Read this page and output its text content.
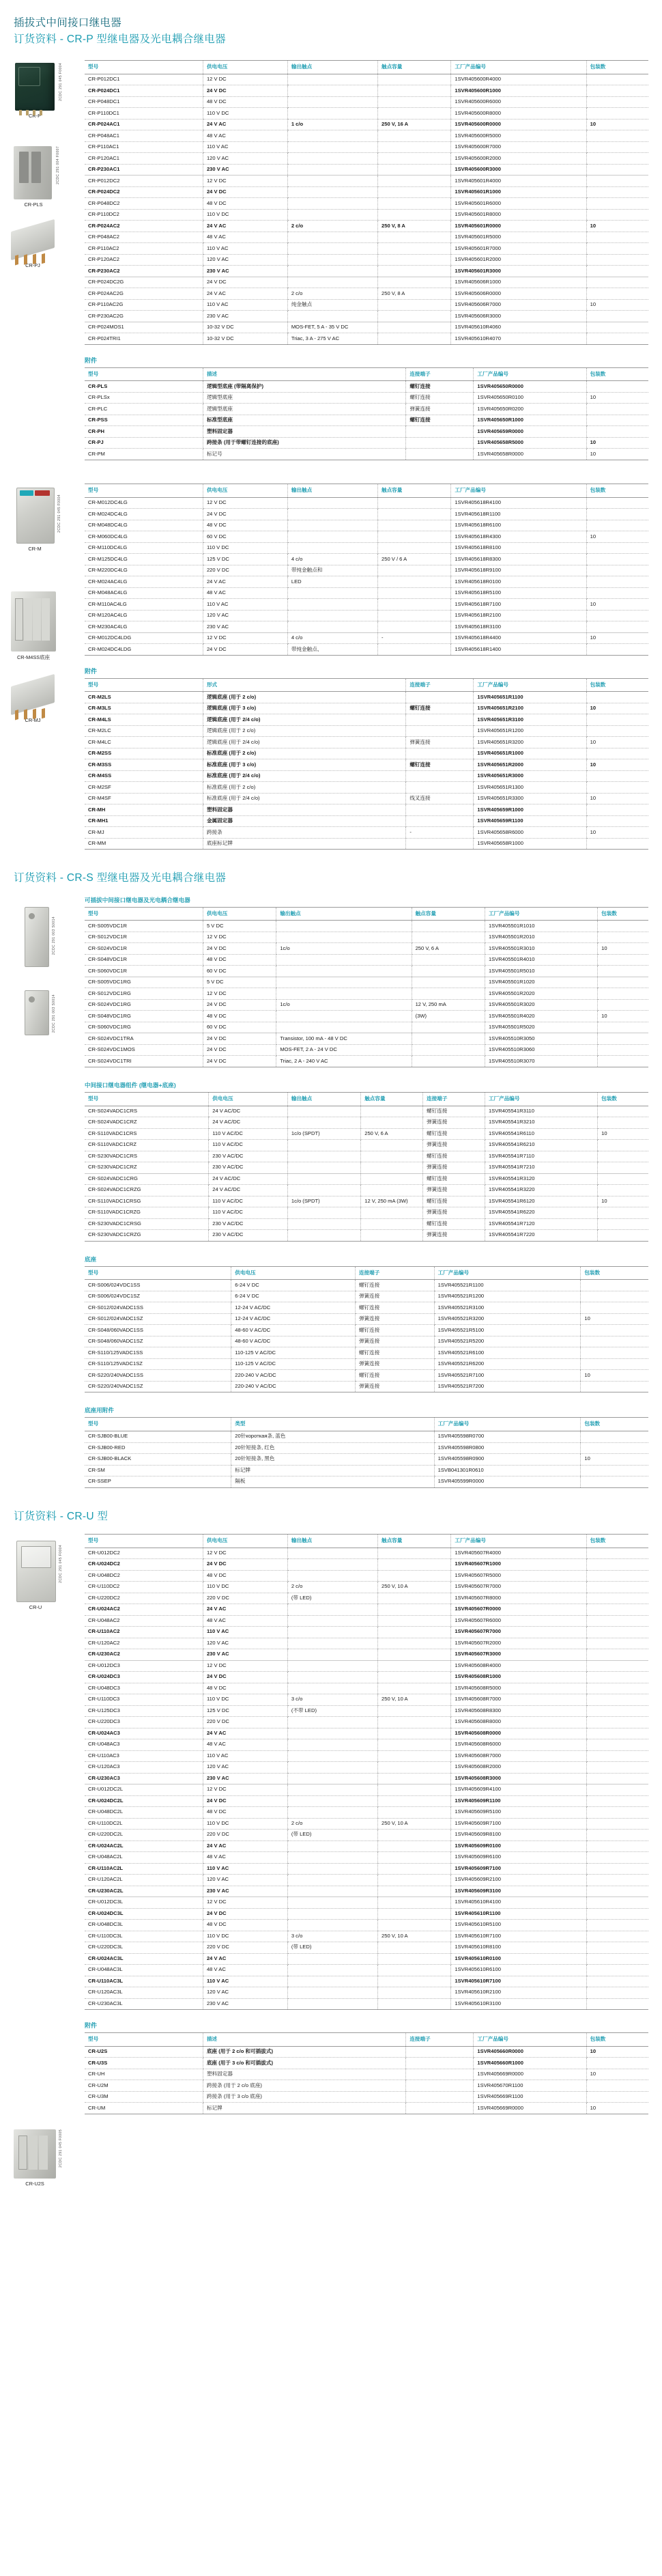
插拔式中间接口继电器
订货资料 - CR-P 型继电器及光电耦合继电器
2CDC 291 045 F0004
CR-P
2CDC 291 004 F0007
CR-PLS
CR-PJ
型号	供电电压	输出触点	触点容量	工厂产品编号	包装数
CR-P012DC1	12 V DC			1SVR405600R4000	
CR-P024DC1	24 V DC			1SVR405600R1000	
CR-P048DC1	48 V DC			1SVR405600R6000	
CR-P110DC1	110 V DC			1SVR405600R8000	
CR-P024AC1	24 V AC	1 c/o	250 V, 16 A	1SVR405600R0000	10
CR-P048AC1	48 V AC			1SVR405600R5000	
CR-P110AC1	110 V AC			1SVR405600R7000	
CR-P120AC1	120 V AC			1SVR405600R2000	
CR-P230AC1	230 V AC			1SVR405600R3000	
CR-P012DC2	12 V DC			1SVR405601R4000	
CR-P024DC2	24 V DC			1SVR405601R1000	
CR-P048DC2	48 V DC			1SVR405601R6000	
CR-P110DC2	110 V DC			1SVR405601R8000	
CR-P024AC2	24 V AC	2 c/o	250 V, 8 A	1SVR405601R0000	10
CR-P048AC2	48 V AC			1SVR405601R5000	
CR-P110AC2	110 V AC			1SVR405601R7000	
CR-P120AC2	120 V AC			1SVR405601R2000	
CR-P230AC2	230 V AC			1SVR405601R3000	
CR-P024DC2G	24 V DC			1SVR405606R1000	
CR-P024AC2G	24 V AC	2 c/o	250 V, 8 A	1SVR405606R0000	
CR-P110AC2G	110 V AC	纯金触点		1SVR405606R7000	10
CR-P230AC2G	230 V AC			1SVR405606R3000	
CR-P024MOS1	10-32 V DC	MOS-FET, 5 A - 35 V DC		1SVR405610R4060	
CR-P024TRI1	10-32 V DC	Triac, 3 A - 275 V AC		1SVR405610R4070	
附件
型号	描述	连接端子	工厂产品编号	包装数
CR-PLS	逻辑型底座 (带隔离保护)	螺钉连接	1SVR405650R0000	
CR-PLSx	逻辑型底座	螺钉连接	1SVR405650R0100	10
CR-PLC	逻辑型底座	弹簧连接	1SVR405650R0200	
CR-PSS	标准型底座	螺钉连接	1SVR405650R1000	
CR-PH	塑料固定器		1SVR405659R0000	
CR-PJ	跨接条 (用于带螺钉连接的底座)		1SVR405658R5000	10
CR-PM	标记号		1SVR405658R0000	10
2CDC 291 045 F0004
CR-M
CR-M4SS底座
CR-MJ
型号	供电电压	输出触点	触点容量	工厂产品编号	包装数
CR-M012DC4LG	12 V DC			1SVR405618R4100	
CR-M024DC4LG	24 V DC			1SVR405618R1100	
CR-M048DC4LG	48 V DC			1SVR405618R6100	
CR-M060DC4LG	60 V DC			1SVR405618R4300	10
CR-M110DC4LG	110 V DC			1SVR405618R8100	
CR-M125DC4LG	125 V DC	4 c/o	250 V / 6 A	1SVR405618R8300	
CR-M220DC4LG	220 V DC	带纯金触点和		1SVR405618R9100	
CR-M024AC4LG	24 V AC	LED		1SVR405618R0100	
CR-M048AC4LG	48 V AC			1SVR405618R5100	
CR-M110AC4LG	110 V AC			1SVR405618R7100	10
CR-M120AC4LG	120 V AC			1SVR405618R2100	
CR-M230AC4LG	230 V AC			1SVR405618R3100	
CR-M012DC4LDG	12 V DC	4 c/o	-	1SVR405618R4400	10
CR-M024DC4LDG	24 V DC	带纯金触点、		1SVR405618R1400	
附件
型号	形式	连接端子	工厂产品编号	包装数
CR-M2LS	逻辑底座 (用于 2 c/o)		1SVR405651R1100	
CR-M3LS	逻辑底座 (用于 3 c/o)	螺钉连接	1SVR405651R2100	10
CR-M4LS	逻辑底座 (用于 2/4 c/o)		1SVR405651R3100	
CR-M2LC	逻辑底座 (用于 2 c/o)		1SVR405651R1200	
CR-M4LC	逻辑底座 (用于 2/4 c/o)	弹簧连接	1SVR405651R3200	10
CR-M2SS	标准底座 (用于 2 c/o)		1SVR405651R1000	
CR-M3SS	标准底座 (用于 3 c/o)	螺钉连接	1SVR405651R2000	10
CR-M4SS	标准底座 (用于 2/4 c/o)		1SVR405651R3000	
CR-M2SF	标准底座 (用于 2 c/o)		1SVR405651R1300	
CR-M4SF	标准底座 (用于 2/4 c/o)	线叉连接	1SVR405651R3300	10
CR-MH	塑料固定器		1SVR405659R1000	
CR-MH1	金属固定器		1SVR405659R1100	
CR-MJ	跨接条	-	1SVR405658R6000	10
CR-MM	底座标记牌		1SVR405658R1000	
订货资料 - CR-S 型继电器及光电耦合继电器
2CDC 291 003 S0014
2CDC 291 003 S0014
可插拔中间接口继电器及光电耦合继电器
型号	供电电压	输出触点	触点容量	工厂产品编号	包装数
CR-S005VDC1R	5 V DC			1SVR405501R1010	
CR-S012VDC1R	12 V DC			1SVR405501R2010	
CR-S024VDC1R	24 V DC	1c/o	250 V, 6 A	1SVR405501R3010	10
CR-S048VDC1R	48 V DC			1SVR405501R4010	
CR-S060VDC1R	60 V DC			1SVR405501R5010	
CR-S005VDC1RG	5 V DC			1SVR405501R1020	
CR-S012VDC1RG	12 V DC			1SVR405501R2020	
CR-S024VDC1RG	24 V DC	1c/o	12 V, 250 mA	1SVR405501R3020	
CR-S048VDC1RG	48 V DC		(3W)	1SVR405501R4020	10
CR-S060VDC1RG	60 V DC			1SVR405501R5020	
CR-S024VDC1TRA	24 V DC	Transistor, 100 mA - 48 V DC		1SVR405510R3050	
CR-S024VDC1MOS	24 V DC	MOS-FET, 2 A - 24 V DC		1SVR405510R3060	
CR-S024VDC1TRI	24 V DC	Triac, 2 A - 240 V AC		1SVR405510R3070	
中间接口继电器组件 (继电器+底座)
型号	供电电压	输出触点	触点容量	连接端子	工厂产品编号	包装数
CR-S024VADC1CRS	24 V AC/DC			螺钉连接	1SVR405541R3110	
CR-S024VADC1CRZ	24 V AC/DC			弹簧连接	1SVR405541R3210	
CR-S110VADC1CRS	110 V AC/DC	1c/o (SPDT)	250 V, 6 A	螺钉连接	1SVR405541R6110	10
CR-S110VADC1CRZ	110 V AC/DC			弹簧连接	1SVR405541R6210	
CR-S230VADC1CRS	230 V AC/DC			螺钉连接	1SVR405541R7110	
CR-S230VADC1CRZ	230 V AC/DC			弹簧连接	1SVR405541R7210	
CR-S024VADC1CRG	24 V AC/DC			螺钉连接	1SVR405541R3120	
CR-S024VADC1CRZG	24 V AC/DC			弹簧连接	1SVR405541R3220	
CR-S110VADC1CRSG	110 V AC/DC	1c/o (SPDT)	12 V, 250 mA (3W)	螺钉连接	1SVR405541R6120	10
CR-S110VADC1CRZG	110 V AC/DC			弹簧连接	1SVR405541R6220	
CR-S230VADC1CRSG	230 V AC/DC			螺钉连接	1SVR405541R7120	
CR-S230VADC1CRZG	230 V AC/DC			弹簧连接	1SVR405541R7220	
底座
型号	供电电压	连接端子	工厂产品编号	包装数
CR-S006/024VDC1SS	6-24 V DC	螺钉连接	1SVR405521R1100	
CR-S006/024VDC1SZ	6-24 V DC	弹簧连接	1SVR405521R1200	
CR-S012/024VADC1SS	12-24 V AC/DC	螺钉连接	1SVR405521R3100	
CR-S012/024VADC1SZ	12-24 V AC/DC	弹簧连接	1SVR405521R3200	10
CR-S048/060VADC1SS	48-60 V AC/DC	螺钉连接	1SVR405521R5100	
CR-S048/060VADC1SZ	48-60 V AC/DC	弹簧连接	1SVR405521R5200	
CR-S110/125VADC1SS	110-125 V AC/DC	螺钉连接	1SVR405521R6100	
CR-S110/125VADC1SZ	110-125 V AC/DC	弹簧连接	1SVR405521R6200	
CR-S220/240VADC1SS	220-240 V AC/DC	螺钉连接	1SVR405521R7100	10
CR-S220/240VADC1SZ	220-240 V AC/DC	弹簧连接	1SVR405521R7200	
底座用附件
型号	类型	工厂产品编号	包装数
CR-SJB00-BLUE	20针короткая条, 蓝色	1SVR405598R0700	
CR-SJB00-RED	20针短接条, 红色	1SVR405598R0800	
CR-SJB00-BLACK	20针短接条, 黑色	1SVR405598R0900	10
CR-SM	标记牌	1SVB041301R0610	
CR-SSEP	隔板	1SVR405599R0000	
订货资料 - CR-U 型
2CDC 291 045 F0004
CR-U
2CDC 291 045 F0005
CR-U2S
型号	供电电压	输出触点	触点容量	工厂产品编号	包装数
CR-U012DC2	12 V DC			1SVR405607R4000	
CR-U024DC2	24 V DC			1SVR405607R1000	
CR-U048DC2	48 V DC			1SVR405607R5000	
CR-U110DC2	110 V DC	2 c/o	250 V, 10 A	1SVR405607R7000	
CR-U220DC2	220 V DC	(带 LED)		1SVR405607R8000	
CR-U024AC2	24 V AC			1SVR405607R0000	
CR-U048AC2	48 V AC			1SVR405607R6000	
CR-U110AC2	110 V AC			1SVR405607R7000	
CR-U120AC2	120 V AC			1SVR405607R2000	
CR-U230AC2	230 V AC			1SVR405607R3000	
CR-U012DC3	12 V DC			1SVR405608R4000	
CR-U024DC3	24 V DC			1SVR405608R1000	
CR-U048DC3	48 V DC			1SVR405608R5000	
CR-U110DC3	110 V DC	3 c/o	250 V, 10 A	1SVR405608R7000	
CR-U125DC3	125 V DC	(不带 LED)		1SVR405608R8300	
CR-U220DC3	220 V DC			1SVR405608R8000	
CR-U024AC3	24 V AC			1SVR405608R0000	
CR-U048AC3	48 V AC			1SVR405608R6000	
CR-U110AC3	110 V AC			1SVR405608R7000	
CR-U120AC3	120 V AC			1SVR405608R2000	
CR-U230AC3	230 V AC			1SVR405608R3000	
CR-U012DC2L	12 V DC			1SVR405609R4100	
CR-U024DC2L	24 V DC			1SVR405609R1100	
CR-U048DC2L	48 V DC			1SVR405609R5100	
CR-U110DC2L	110 V DC	2 c/o	250 V, 10 A	1SVR405609R7100	
CR-U220DC2L	220 V DC	(带 LED)		1SVR405609R8100	
CR-U024AC2L	24 V AC			1SVR405609R0100	
CR-U048AC2L	48 V AC			1SVR405609R6100	
CR-U110AC2L	110 V AC			1SVR405609R7100	
CR-U120AC2L	120 V AC			1SVR405609R2100	
CR-U230AC2L	230 V AC			1SVR405609R3100	
CR-U012DC3L	12 V DC			1SVR405610R4100	
CR-U024DC3L	24 V DC			1SVR405610R1100	
CR-U048DC3L	48 V DC			1SVR405610R5100	
CR-U110DC3L	110 V DC	3 c/o	250 V, 10 A	1SVR405610R7100	
CR-U220DC3L	220 V DC	(带 LED)		1SVR405610R8100	
CR-U024AC3L	24 V AC			1SVR405610R0100	
CR-U048AC3L	48 V AC			1SVR405610R6100	
CR-U110AC3L	110 V AC			1SVR405610R7100	
CR-U120AC3L	120 V AC			1SVR405610R2100	
CR-U230AC3L	230 V AC			1SVR405610R3100	
附件
型号	描述	连接端子	工厂产品编号	包装数
CR-U2S	底座 (用于 2 c/o 和可插拔式)		1SVR405660R0000	10
CR-U3S	底座 (用于 3 c/o 和可插拔式)		1SVR405660R1000	
CR-UH	塑料固定器		1SVR405669R0000	10
CR-U2M	跨接条 (用于 2 c/o 底座)		1SVR405670R1100	
CR-U3M	跨接条 (用于 3 c/o 底座)		1SVR405669R1100	
CR-UM	标记牌		1SVR405669R0000	10
